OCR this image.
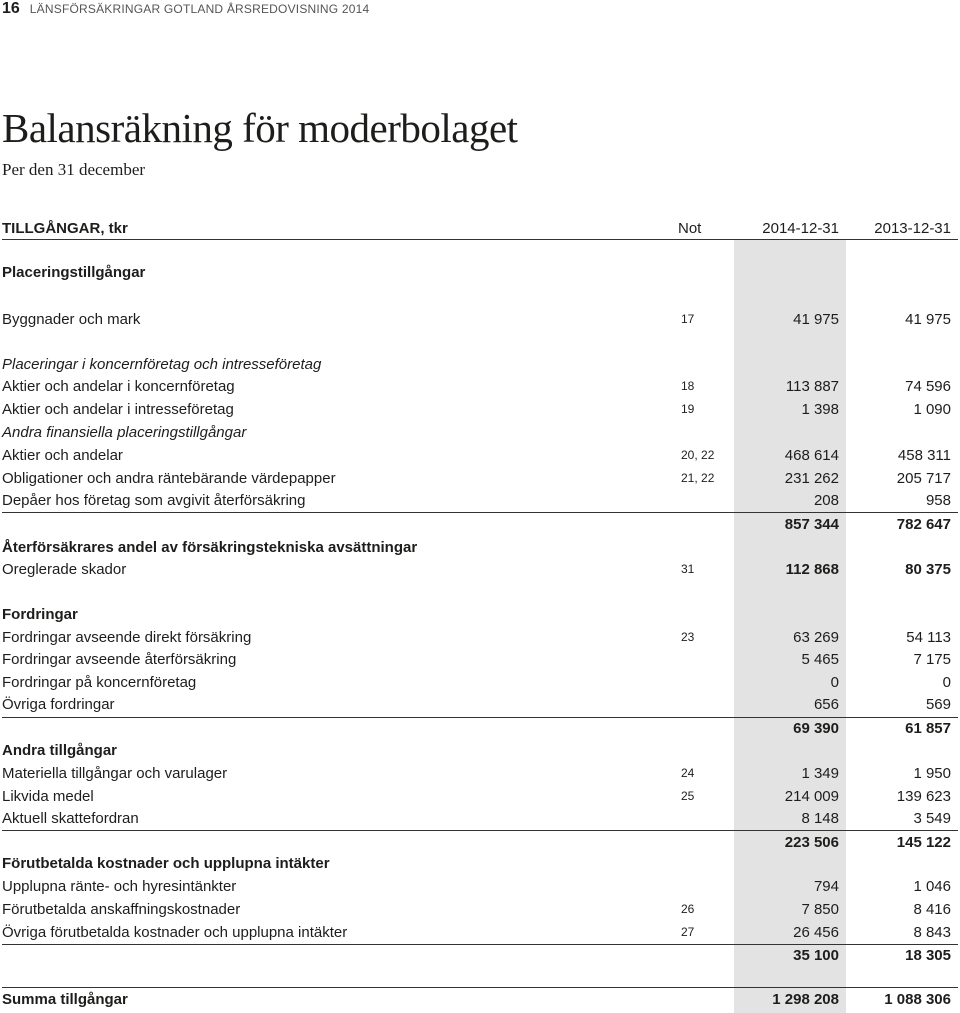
16 LÄNSFÖRSÄKRINGAR GOTLAND ÅRSREDOVISNING 2014
Balansräkning för moderbolaget
Per den 31 december
TILLGÅNGAR, tkr	Not	2014-12-31 2013-12-31
Placeringstillgångar
Byggnader och mark	17	41 975	41 975
Placeringar i koncernföretag och intresseföretag
Aktier och andelar i koncernföretag	18	113 887	74 596
Aktier och andelar i intresseföretag	19	1 398	1 090
Andra finansiella placeringstillgångar
Aktier och andelar	20, 22	468 614	458 311
Obligationer och andra räntebärande värdepapper	21, 22	231 262	205 717
Depåer hos företag som avgivit återförsäkring	208	958
857 344	782 647
Återförsäkrares andel av försäkringstekniska avsättningar
Oreglerade skador	31	112 868	80 375
Fordringar
Fordringar avseende direkt försäkring	23	63 269	54 113
Fordringar avseende återförsäkring	5 465	7 175
Fordringar på koncernföretag	0	0
Övriga fordringar	656	569
69 390	61 857
Andra tillgångar
Materiella tillgångar och varulager	24	1 349	1 950
Likvida medel	25	214 009	139 623
Aktuell skattefordran	8 148	3 549
223 506	145 122
Förutbetalda kostnader och upplupna intäkter
Upplupna ränte- och hyresintänkter	794	1 046
Förutbetalda anskaffningskostnader	26	7 850	8 416
Övriga förutbetalda kostnader och upplupna intäkter	27	26 456	8 843
35 100	18 305
Summa tillgångar	1 298 208	1 088 306
